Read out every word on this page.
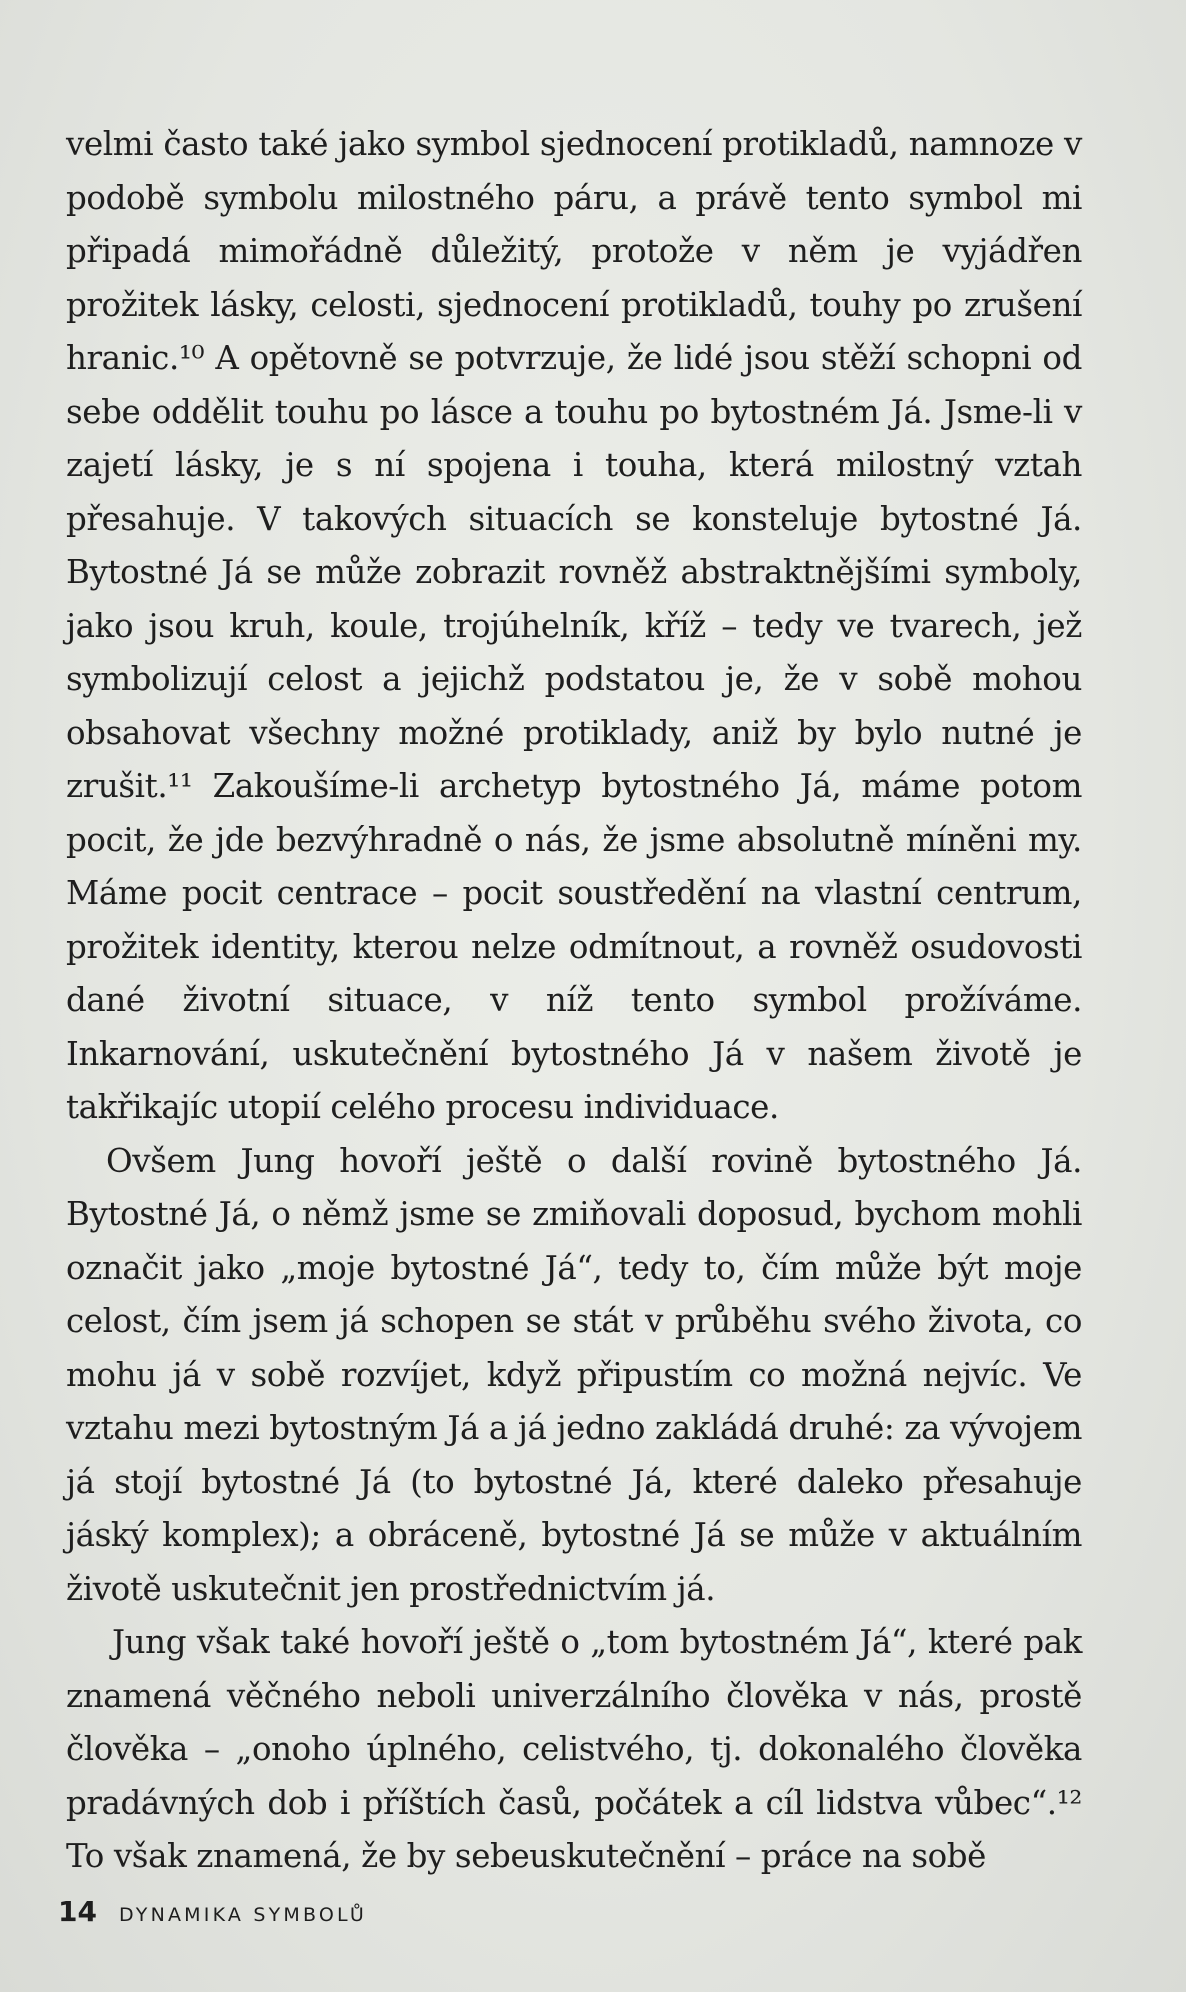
velmi často také jako symbol sjednocení protikladů, namnoze v podobě symbolu milostného páru, a právě tento symbol mi připadá mimořádně důležitý, protože v něm je vyjádřen prožitek lásky, celosti, sjednocení protikladů, touhy po zrušení hranic.¹⁰ A opětovně se potvrzuje, že lidé jsou stěží schopni od sebe oddělit touhu po lásce a touhu po bytostném Já. Jsme-li v zajetí lásky, je s ní spojena i touha, která milostný vztah přesahuje. V takových situacích se konsteluje bytostné Já. Bytostné Já se může zobrazit rovněž abstraktnějšími symboly, jako jsou kruh, koule, trojúhelník, kříž – tedy ve tvarech, jež symbolizují celost a jejichž podstatou je, že v sobě mohou obsahovat všechny možné protiklady, aniž by bylo nutné je zrušit.¹¹ Zakoušíme-li archetyp bytostného Já, máme potom pocit, že jde bezvýhradně o nás, že jsme absolutně míněni my. Máme pocit centrace – pocit soustředění na vlastní centrum, prožitek identity, kterou nelze odmítnout, a rovněž osudovosti dané životní situace, v níž tento symbol prožíváme. Inkarnování, uskutečnění bytostného Já v našem životě je takřikajíc utopií celého procesu individuace.

Ovšem Jung hovoří ještě o další rovině bytostného Já. Bytostné Já, o němž jsme se zmiňovali doposud, bychom mohli označit jako „moje bytostné Já“, tedy to, čím může být moje celost, čím jsem já schopen se stát v průběhu svého života, co mohu já v sobě rozvíjet, když připustím co možná nejvíc. Ve vztahu mezi bytostným Já a já jedno zakládá druhé: za vývojem já stojí bytostné Já (to bytostné Já, které daleko přesahuje jáský komplex); a obráceně, bytostné Já se může v aktuálním životě uskutečnit jen prostřednictvím já.

Jung však také hovoří ještě o „tom bytostném Já“, které pak znamená věčného neboli univerzálního člověka v nás, prostě člověka – „onoho úplného, celistvého, tj. dokonalého člověka pradávných dob i příštích časů, počátek a cíl lidstva vůbec“.¹² To však znamená, že by sebeuskutečnění – práce na sobě

14 DYNAMIKA SYMBOLŮ
